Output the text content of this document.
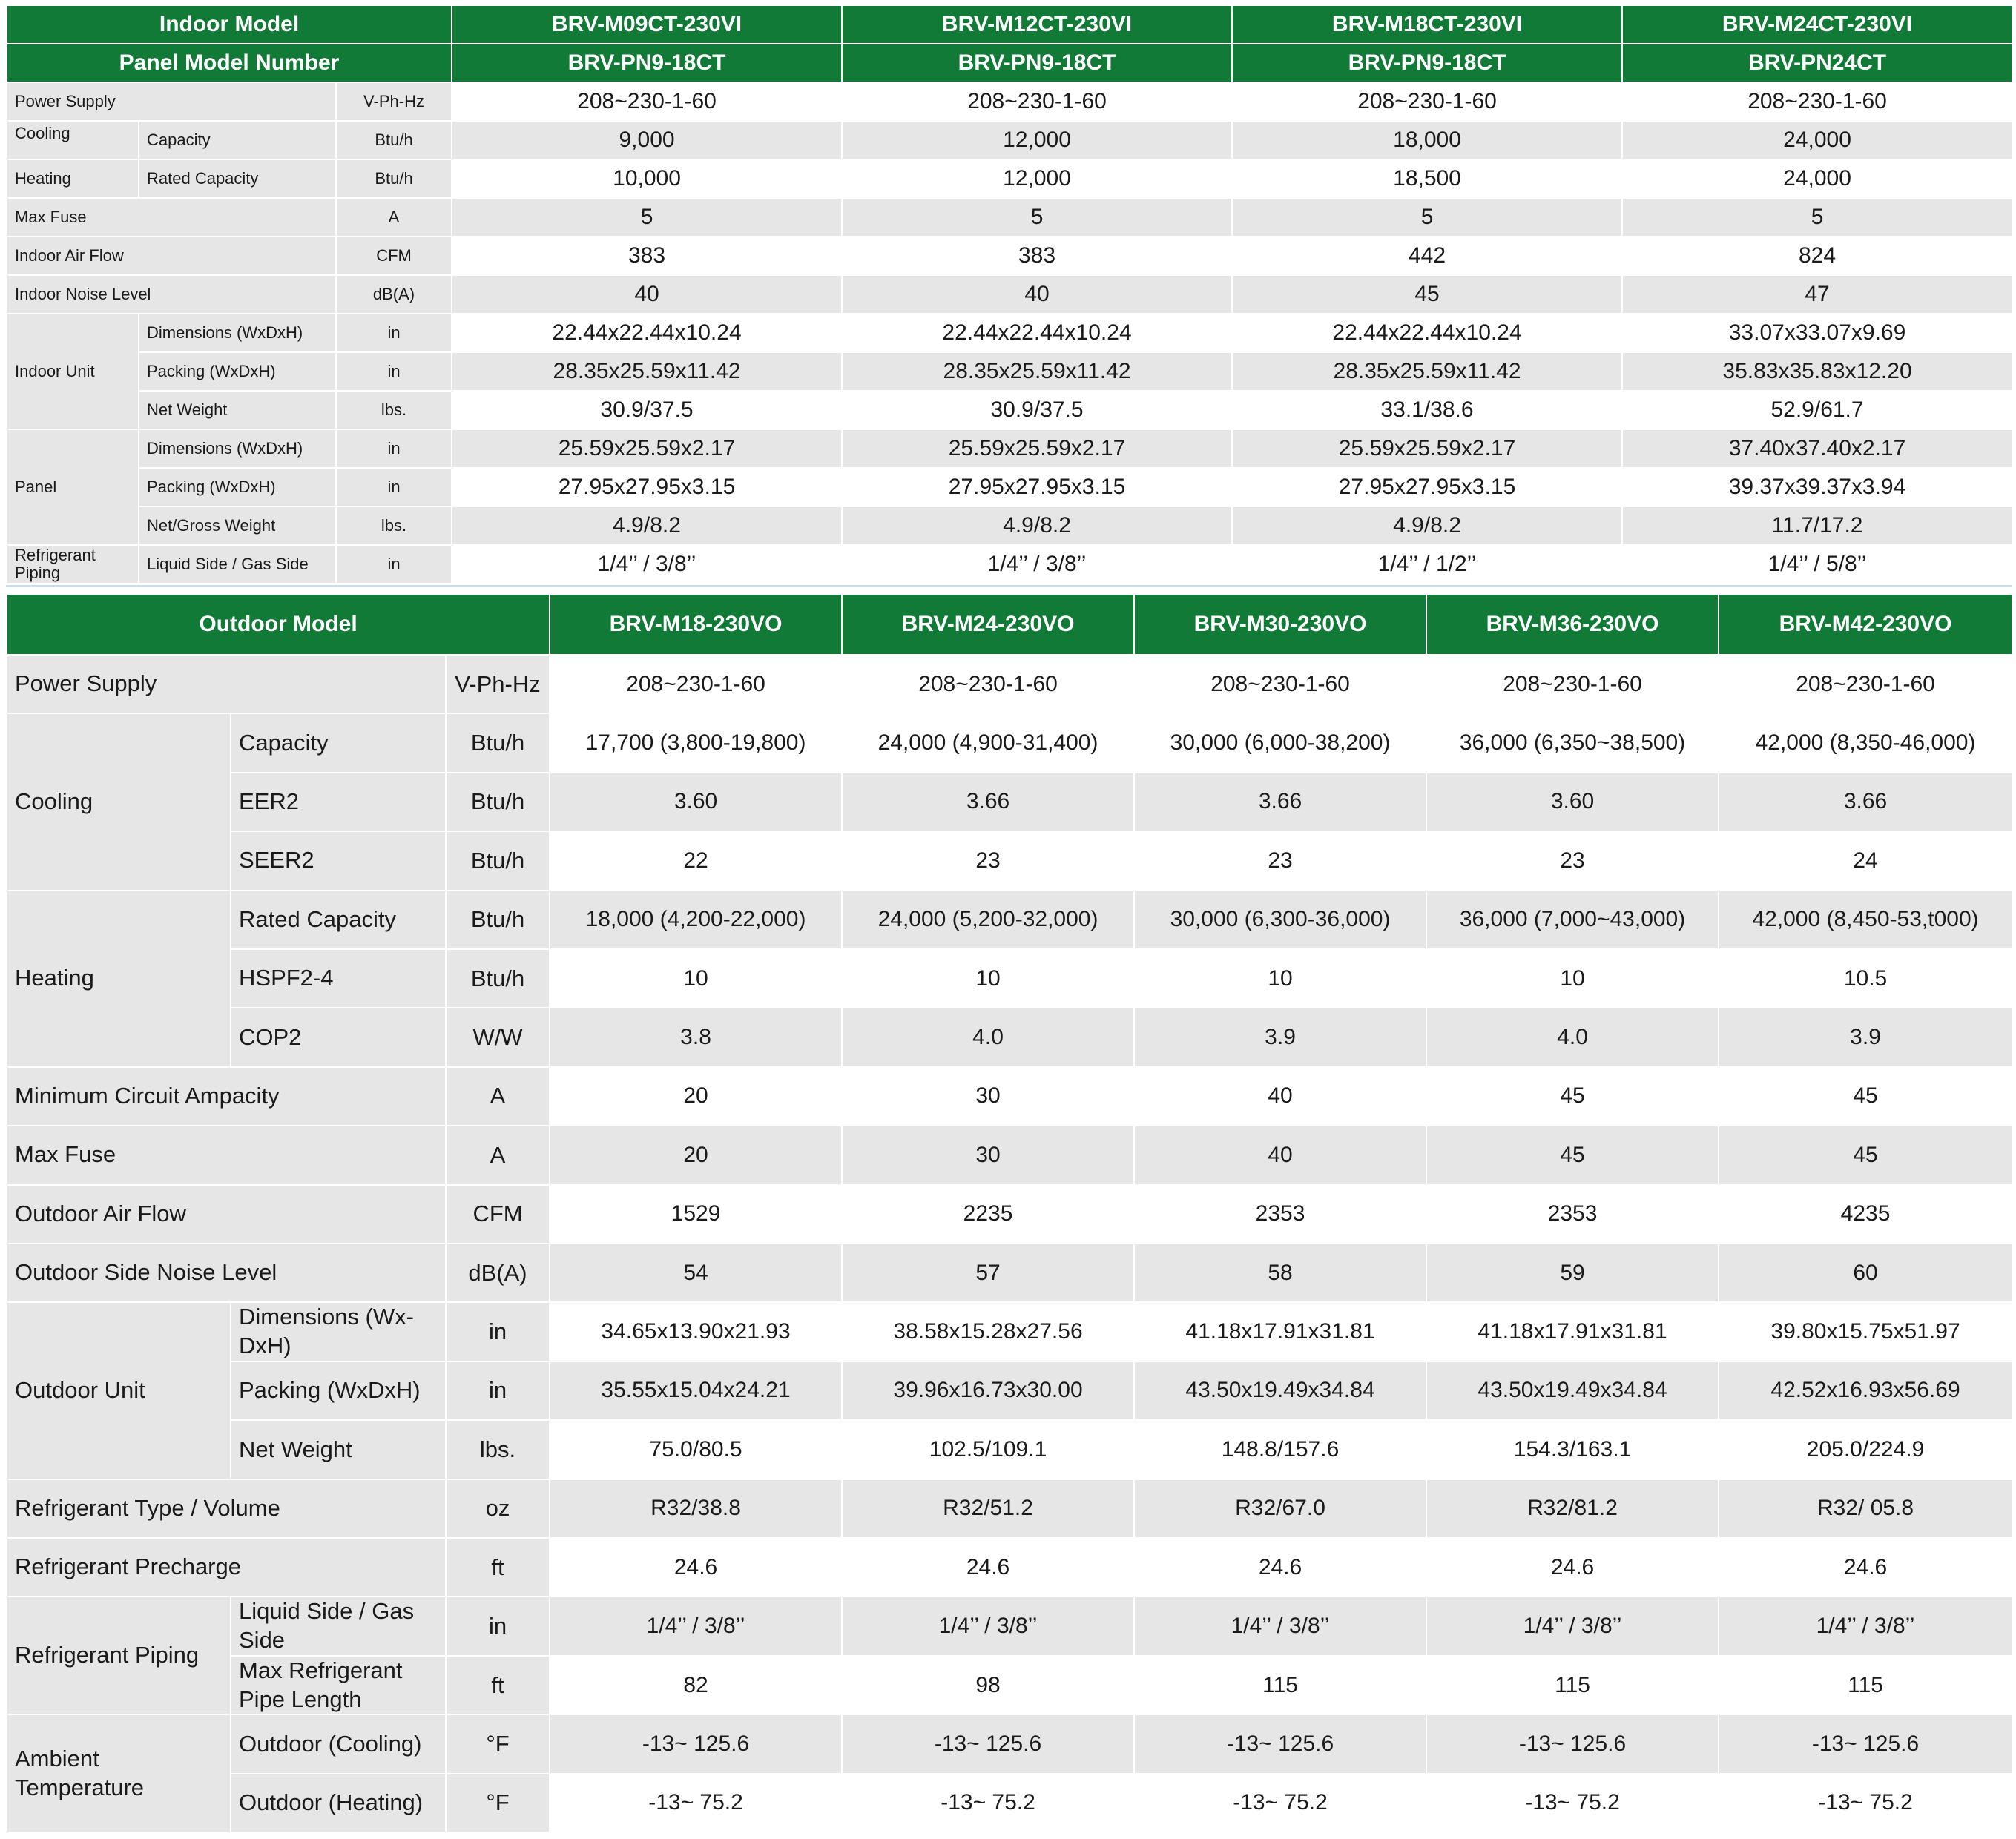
Indoor Model			BRV-M09CT-230VI	BRV-M12CT-230VI	BRV-M18CT-230VI	BRV-M24CT-230VI
Panel Model Number			BRV-PN9-18CT	BRV-PN9-18CT	BRV-PN9-18CT	BRV-PN24CT
Power Supply		V-Ph-Hz	208~230-1-60	208~230-1-60	208~230-1-60	208~230-1-60
Cooling	Capacity	Btu/h	9,000	12,000	18,000	24,000
Heating	Rated Capacity	Btu/h	10,000	12,000	18,500	24,000
Max Fuse		A	5	5	5	5
Indoor Air Flow		CFM	383	383	442	824
Indoor Noise Level		dB(A)	40	40	45	47
Indoor Unit	Dimensions (WxDxH)	in	22.44x22.44x10.24	22.44x22.44x10.24	22.44x22.44x10.24	33.07x33.07x9.69
	Packing (WxDxH)	in	28.35x25.59x11.42	28.35x25.59x11.42	28.35x25.59x11.42	35.83x35.83x12.20
	Net Weight	lbs.	30.9/37.5	30.9/37.5	33.1/38.6	52.9/61.7
Panel	Dimensions (WxDxH)	in	25.59x25.59x2.17	25.59x25.59x2.17	25.59x25.59x2.17	37.40x37.40x2.17
	Packing (WxDxH)	in	27.95x27.95x3.15	27.95x27.95x3.15	27.95x27.95x3.15	39.37x39.37x3.94
	Net/Gross Weight	lbs.	4.9/8.2	4.9/8.2	4.9/8.2	11.7/17.2
Refrigerant Piping	Liquid Side / Gas Side	in	1/4’’ / 3/8’’	1/4’’ / 3/8’’	1/4’’ / 1/2’’	1/4’’ / 5/8’’
Outdoor Model			BRV-M18-230VO	BRV-M24-230VO	BRV-M30-230VO	BRV-M36-230VO	BRV-M42-230VO
Power Supply		V-Ph-Hz	208~230-1-60	208~230-1-60	208~230-1-60	208~230-1-60	208~230-1-60
Cooling	Capacity	Btu/h	17,700 (3,800-19,800)	24,000 (4,900-31,400)	30,000 (6,000-38,200)	36,000 (6,350~38,500)	42,000 (8,350-46,000)
	EER2	Btu/h	3.60	3.66	3.66	3.60	3.66
	SEER2	Btu/h	22	23	23	23	24
Heating	Rated Capacity	Btu/h	18,000 (4,200-22,000)	24,000 (5,200-32,000)	30,000 (6,300-36,000)	36,000 (7,000~43,000)	42,000 (8,450-53,t000)
	HSPF2-4	Btu/h	10	10	10	10	10.5
	COP2	W/W	3.8	4.0	3.9	4.0	3.9
Minimum Circuit Ampacity		A	20	30	40	45	45
Max Fuse		A	20	30	40	45	45
Outdoor Air Flow		CFM	1529	2235	2353	2353	4235
Outdoor Side Noise Level		dB(A)	54	57	58	59	60
Outdoor Unit	Dimensions (Wx-DxH)	in	34.65x13.90x21.93	38.58x15.28x27.56	41.18x17.91x31.81	41.18x17.91x31.81	39.80x15.75x51.97
	Packing (WxDxH)	in	35.55x15.04x24.21	39.96x16.73x30.00	43.50x19.49x34.84	43.50x19.49x34.84	42.52x16.93x56.69
	Net Weight	lbs.	75.0/80.5	102.5/109.1	148.8/157.6	154.3/163.1	205.0/224.9
Refrigerant Type / Volume		oz	R32/38.8	R32/51.2	R32/67.0	R32/81.2	R32/ 05.8
Refrigerant Precharge		ft	24.6	24.6	24.6	24.6	24.6
Refrigerant Piping	Liquid Side / Gas Side	in	1/4’’ / 3/8’’	1/4’’ / 3/8’’	1/4’’ / 3/8’’	1/4’’ / 3/8’’	1/4’’ / 3/8’’
	Max Refrigerant Pipe Length	ft	82	98	115	115	115
Ambient Temperature	Outdoor (Cooling)	°F	-13~ 125.6	-13~ 125.6	-13~ 125.6	-13~ 125.6	-13~ 125.6
	Outdoor (Heating)	°F	-13~ 75.2	-13~ 75.2	-13~ 75.2	-13~ 75.2	-13~ 75.2
